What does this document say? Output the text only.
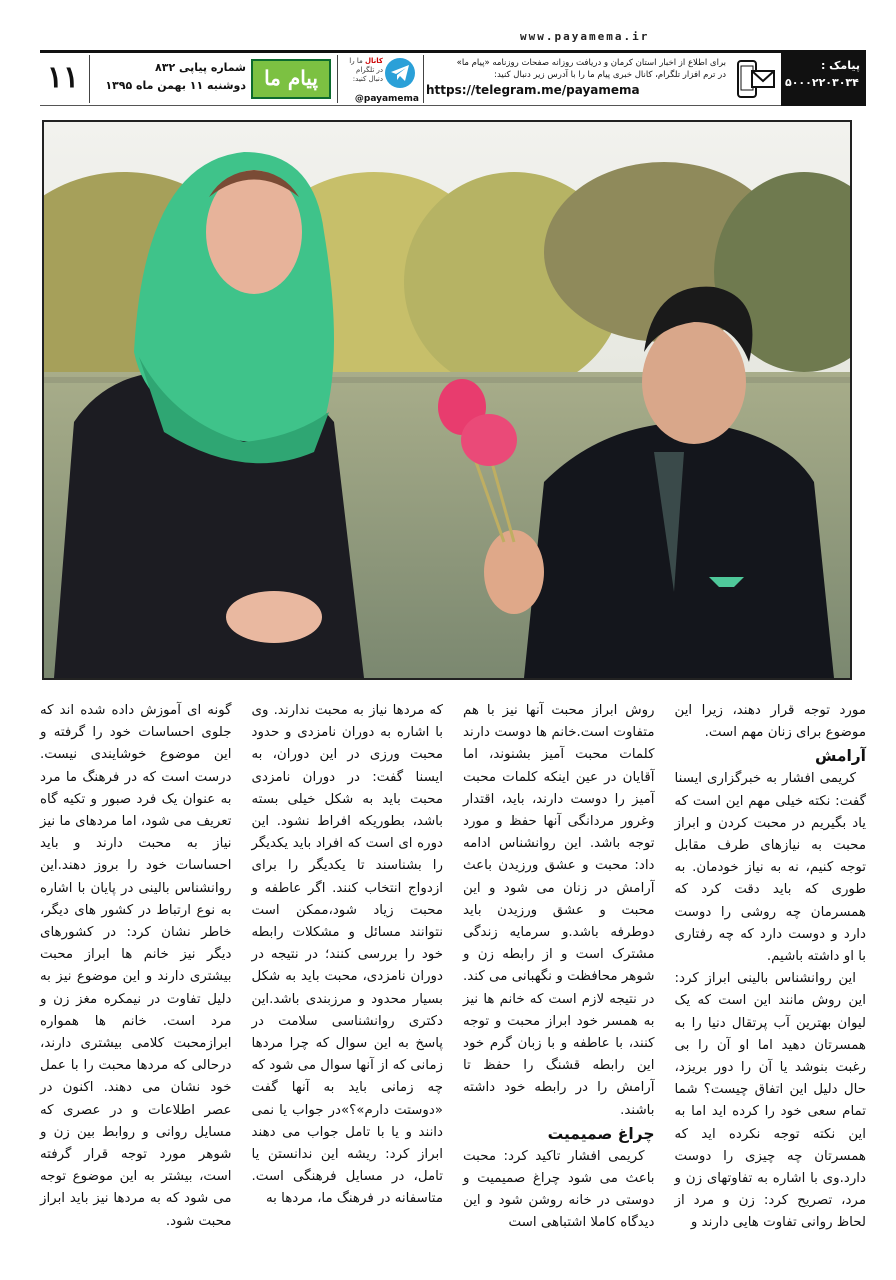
www.payamema.ir
پیامک :
۵۰۰۰۲۲۰۳۰۳۴
برای اطلاع از اخبار استان کرمان و دریافت روزانه صفحات روزنامه «پیام ما»
در ترم افزار تلگرام، کانال خبری پیام ما را با آدرس زیر دنبال کنید:
https://telegram.me/payamema
کانال ما را در تلگرام دنبال کنید:
@payamema
پیام ما
شماره پیاپی ۸۳۲
دوشنبه ۱۱ بهمن ماه ۱۳۹۵
۱۱

مورد توجه قرار دهند، زیرا این موضوع برای زنان مهم است.

آرامش

کریمی افشار به خبرگزاری ایسنا گفت: نکته خیلی مهم این است که یاد بگیریم در محبت کردن و ابراز محبت به نیازهای طرف مقابل توجه کنیم، نه به نیاز خودمان. به طوری که باید دقت کرد که همسرمان چه روشی را دوست دارد و دوست دارد که چه رفتاری با او داشته باشیم.

این روانشناس بالینی ابراز کرد: این روش مانند این است که یک لیوان بهترین آب پرتقال دنیا را به همسرتان دهید اما او آن را بی رغبت بنوشد یا آن را دور بریزد، حال دلیل این اتفاق چیست؟ شما تمام سعی خود را کرده اید اما به این نکته توجه نکرده اید که همسرتان چه چیزی را دوست دارد.وی با اشاره به تفاوتهای زن و مرد، تصریح کرد: زن و مرد از لحاظ روانی تفاوت هایی دارند و

روش ابراز محبت آنها نیز با هم متفاوت است.خانم ها دوست دارند کلمات محبت آمیز بشنوند، اما آقایان در عین اینکه کلمات محبت آمیز را دوست دارند، باید، اقتدار وغرور مردانگی آنها حفظ و مورد توجه باشد. این روانشناس ادامه داد: محبت و عشق ورزیدن باعث آرامش در زنان می شود و این محبت و عشق ورزیدن باید دوطرفه باشد.و سرمایه زندگی مشترک است و از رابطه زن و شوهر محافظت و نگهبانی می کند. در نتیجه لازم است که خانم ها نیز به همسر خود ابراز محبت و توجه کنند، با عاطفه و با زبان گرم خود این رابطه قشنگ را حفظ تا آرامش را در رابطه خود داشته باشند.

چراغ صمیمیت

کریمی افشار تاکید کرد: محبت باعث می شود چراغ صمیمیت و دوستی در خانه روشن شود و این دیدگاه کاملا اشتباهی است

که مردها نیاز به محبت ندارند. وی با اشاره به دوران نامزدی و حدود محبت ورزی در این دوران، به ایسنا گفت: در دوران نامزدی محبت باید به شکل خیلی بسته باشد، بطوریکه افراط نشود. این دوره ای است که افراد باید یکدیگر را بشناسند تا یکدیگر را برای ازدواج انتخاب کنند. اگر عاطفه و محبت زیاد شود،ممکن است نتوانند مسائل و مشکلات رابطه خود را بررسی کنند؛ در نتیجه در دوران نامزدی، محبت باید به شکل بسیار محدود و مرزبندی باشد.این دکتری روانشناسی سلامت در پاسخ به این سوال که چرا مردها زمانی که از آنها سوال می شود که چه زمانی باید به آنها گفت «دوستت دارم»؟»در جواب یا نمی دانند و یا با تامل جواب می دهند ابراز کرد: ریشه این ندانستن یا تامل، در مسایل فرهنگی است. متاسفانه در فرهنگ ما، مردها به

گونه ای آموزش داده شده اند که جلوی احساسات خود را گرفته و این موضوع خوشایندی نیست. درست است که در فرهنگ ما مرد به عنوان یک فرد صبور و تکیه گاه تعریف می شود، اما مردهای ما نیز نیاز به محبت دارند و باید احساسات خود را بروز دهند.این روانشناس بالینی در پایان با اشاره به نوع ارتباط در کشور های دیگر، خاطر نشان کرد: در کشورهای دیگر نیز خانم ها ابراز محبت بیشتری دارند و این موضوع نیز به دلیل تفاوت در نیمکره مغز زن و مرد است. خانم ها همواره ابرازمحبت کلامی بیشتری دارند، درحالی که مردها محبت را با عمل خود نشان می دهند. اکنون در عصر اطلاعات و در عصری که مسایل روانی و روابط بین زن و شوهر مورد توجه قرار گرفته است، بیشتر به این موضوع توجه می شود که به مردها نیز باید ابراز محبت شود.
